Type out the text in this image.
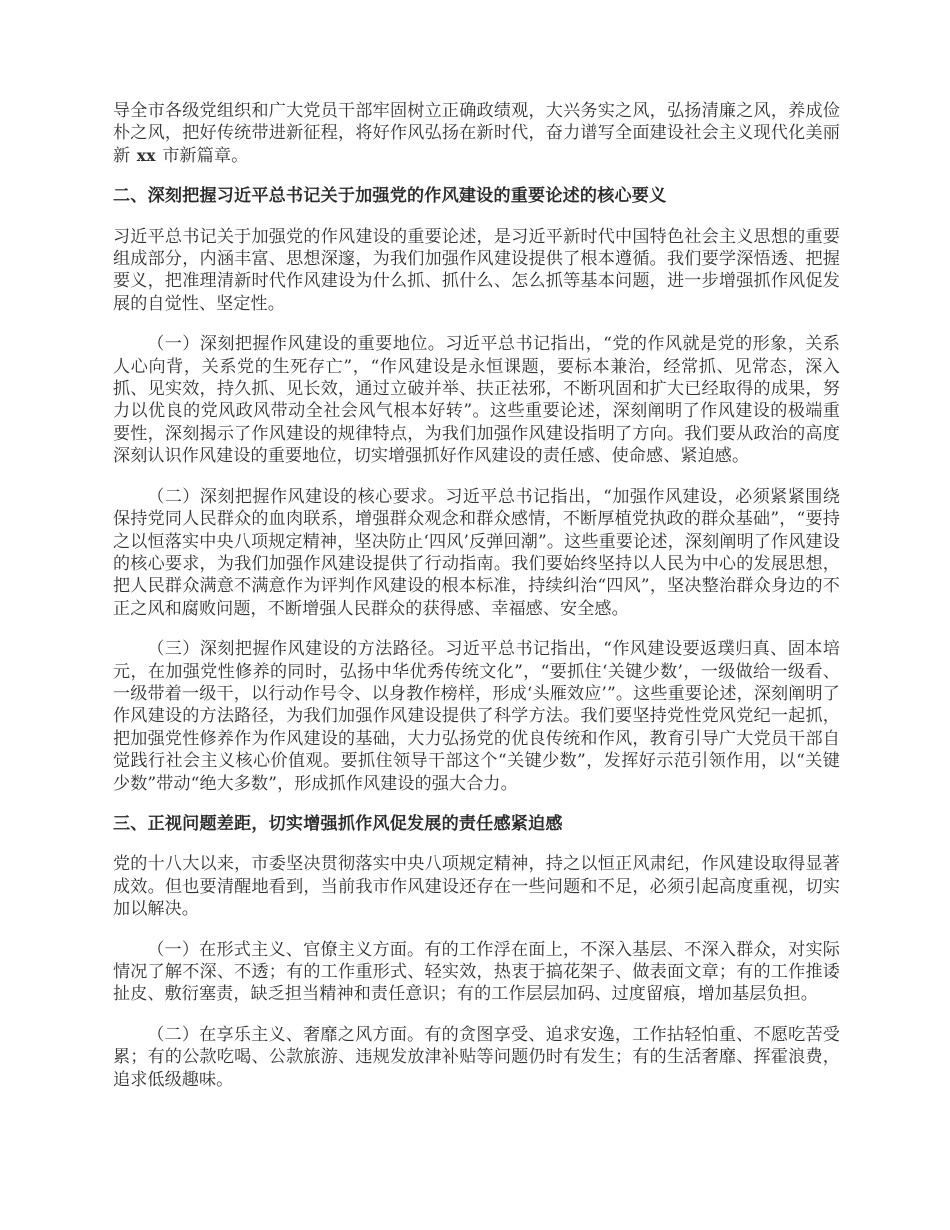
导全市各级党组织和广大党员干部牢固树立正确政绩观，大兴务实之风，弘扬清廉之风，养成俭朴之风，把好传统带进新征程，将好作风弘扬在新时代，奋力谱写全面建设社会主义现代化美丽新 xx 市新篇章。

二、深刻把握习近平总书记关于加强党的作风建设的重要论述的核心要义

习近平总书记关于加强党的作风建设的重要论述，是习近平新时代中国特色社会主义思想的重要组成部分，内涵丰富、思想深邃，为我们加强作风建设提供了根本遵循。我们要学深悟透、把握要义，把准理清新时代作风建设为什么抓、抓什么、怎么抓等基本问题，进一步增强抓作风促发展的自觉性、坚定性。

（一）深刻把握作风建设的重要地位。习近平总书记指出，“党的作风就是党的形象，关系人心向背，关系党的生死存亡”，“作风建设是永恒课题，要标本兼治，经常抓、见常态，深入抓、见实效，持久抓、见长效，通过立破并举、扶正祛邪，不断巩固和扩大已经取得的成果，努力以优良的党风政风带动全社会风气根本好转”。这些重要论述，深刻阐明了作风建设的极端重要性，深刻揭示了作风建设的规律特点，为我们加强作风建设指明了方向。我们要从政治的高度深刻认识作风建设的重要地位，切实增强抓好作风建设的责任感、使命感、紧迫感。

（二）深刻把握作风建设的核心要求。习近平总书记指出，“加强作风建设，必须紧紧围绕保持党同人民群众的血肉联系，增强群众观念和群众感情，不断厚植党执政的群众基础”，“要持之以恒落实中央八项规定精神，坚决防止‘四风’反弹回潮”。这些重要论述，深刻阐明了作风建设的核心要求，为我们加强作风建设提供了行动指南。我们要始终坚持以人民为中心的发展思想，把人民群众满意不满意作为评判作风建设的根本标准，持续纠治“四风”，坚决整治群众身边的不正之风和腐败问题，不断增强人民群众的获得感、幸福感、安全感。

（三）深刻把握作风建设的方法路径。习近平总书记指出，“作风建设要返璞归真、固本培元，在加强党性修养的同时，弘扬中华优秀传统文化”，“要抓住‘关键少数’，一级做给一级看、一级带着一级干，以行动作号令、以身教作榜样，形成‘头雁效应’”。这些重要论述，深刻阐明了作风建设的方法路径，为我们加强作风建设提供了科学方法。我们要坚持党性党风党纪一起抓，把加强党性修养作为作风建设的基础，大力弘扬党的优良传统和作风，教育引导广大党员干部自觉践行社会主义核心价值观。要抓住领导干部这个“关键少数”，发挥好示范引领作用，以“关键少数”带动“绝大多数”，形成抓作风建设的强大合力。

三、正视问题差距，切实增强抓作风促发展的责任感紧迫感

党的十八大以来，市委坚决贯彻落实中央八项规定精神，持之以恒正风肃纪，作风建设取得显著成效。但也要清醒地看到，当前我市作风建设还存在一些问题和不足，必须引起高度重视，切实加以解决。

（一）在形式主义、官僚主义方面。有的工作浮在面上，不深入基层、不深入群众，对实际情况了解不深、不透；有的工作重形式、轻实效，热衷于搞花架子、做表面文章；有的工作推诿扯皮、敷衍塞责，缺乏担当精神和责任意识；有的工作层层加码、过度留痕，增加基层负担。

（二）在享乐主义、奢靡之风方面。有的贪图享受、追求安逸，工作拈轻怕重、不愿吃苦受累；有的公款吃喝、公款旅游、违规发放津补贴等问题仍时有发生；有的生活奢靡、挥霍浪费，追求低级趣味。
